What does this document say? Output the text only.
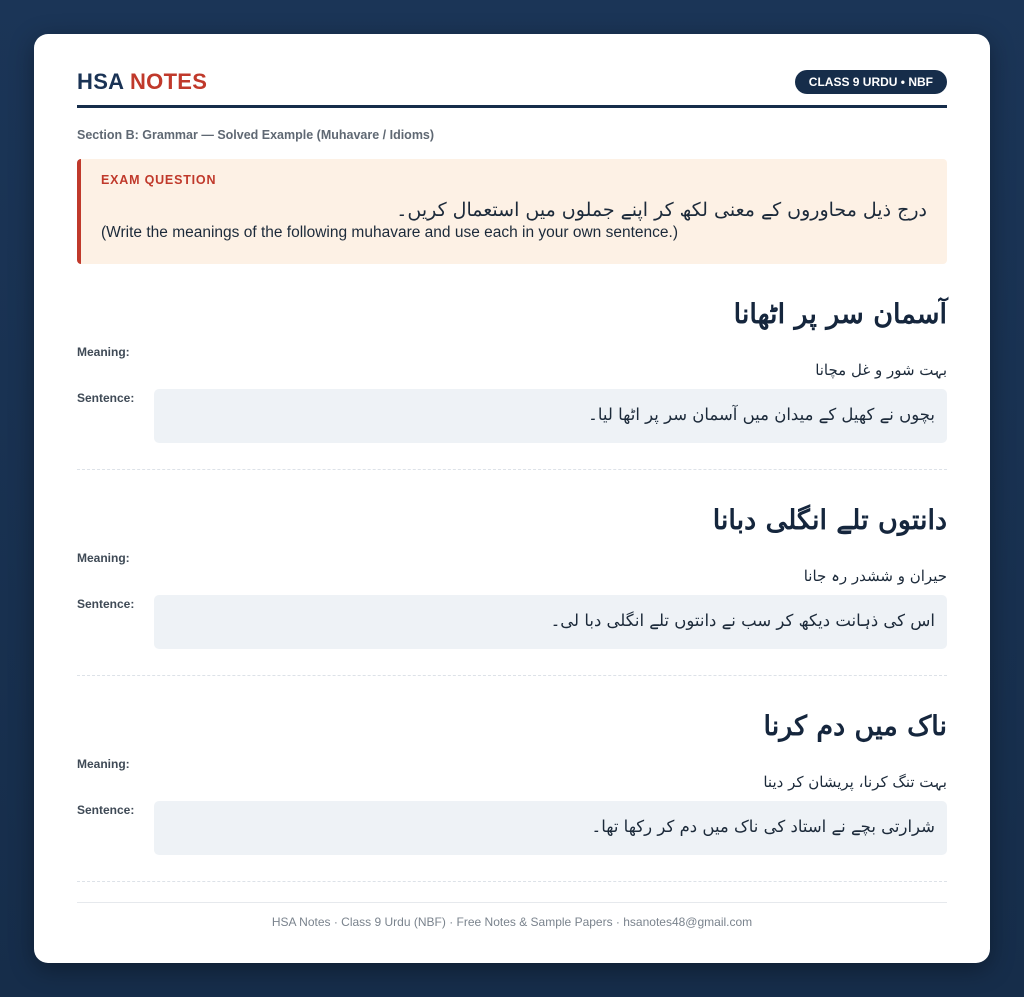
HSA NOTES	CLASS 9 URDU • NBF
Section B: Grammar — Solved Example (Muhavare / Idioms)
EXAM QUESTION
درج ذیل محاوروں کے معنی لکھ کر اپنے جملوں میں استعمال کریں۔
(Write the meanings of the following muhavare and use each in your own sentence.)
آسمان سر پر اٹھانا
Meaning:
بہت شور و غل مچانا
Sentence:
بچوں نے کھیل کے میدان میں آسمان سر پر اٹھا لیا۔
دانتوں تلے انگلی دبانا
Meaning:
حیران و ششدر رہ جانا
Sentence:
اس کی ذہانت دیکھ کر سب نے دانتوں تلے انگلی دبا لی۔
ناک میں دم کرنا
Meaning:
بہت تنگ کرنا، پریشان کر دینا
Sentence:
شرارتی بچے نے استاد کی ناک میں دم کر رکھا تھا۔
HSA Notes · Class 9 Urdu (NBF) · Free Notes & Sample Papers · hsanotes48@gmail.com
